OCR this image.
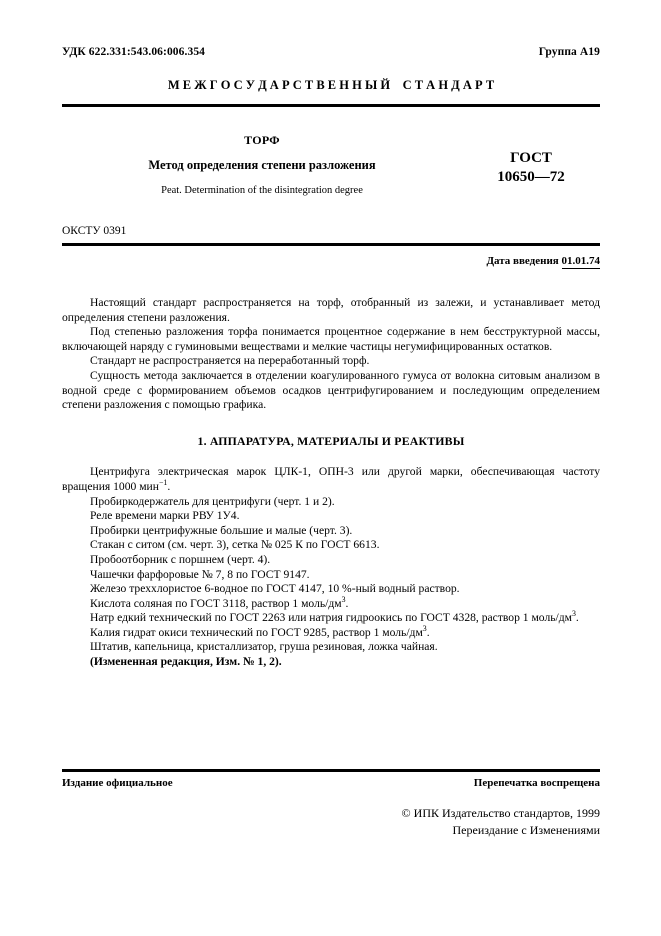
УДК 622.331:543.06:006.354	Группа А19
М Е Ж Г О С У Д А Р С Т В Е Н Н Ы Й    С Т А Н Д А Р Т
ТОРФ
Метод определения степени разложения
Peat. Determination of the disintegration degree
ГОСТ
10650—72
ОКСТУ 0391
Дата введения 01.01.74

Настоящий стандарт распространяется на торф, отобранный из залежи, и устанавливает метод определения степени разложения.

Под степенью разложения торфа понимается процентное содержание в нем бесструктурной массы, включающей наряду с гуминовыми веществами и мелкие частицы негумифицированных остатков.

Стандарт не распространяется на переработанный торф.

Сущность метода заключается в отделении коагулированного гумуса от волокна ситовым анализом в водной среде с формированием объемов осадков центрифугированием и последующим определением степени разложения с помощью графика.

1. АППАРАТУРА, МАТЕРИАЛЫ И РЕАКТИВЫ

Центрифуга электрическая марок ЦЛК-1, ОПН-3 или другой марки, обеспечивающая частоту вращения 1000 мин$^{-1}$.

Пробиркодержатель для центрифуги (черт. 1 и 2).

Реле времени марки РВУ 1У4.

Пробирки центрифужные большие и малые (черт. 3).

Стакан с ситом (см. черт. 3), сетка № 025 К по ГОСТ 6613.

Пробоотборник с поршнем (черт. 4).

Чашечки фарфоровые № 7, 8 по ГОСТ 9147.

Железо треххлористое 6-водное по ГОСТ 4147, 10 %-ный водный раствор.

Кислота соляная по ГОСТ 3118, раствор 1 моль/$дм^3$.

Натр едкий технический по ГОСТ 2263 или натрия гидроокись по ГОСТ 4328, раствор 1 моль/$дм^3$.

Калия гидрат окиси технический по ГОСТ 9285, раствор 1 моль/$дм^3$.

Штатив, капельница, кристаллизатор, груша резиновая, ложка чайная.

(Измененная редакция, Изм. № 1, 2).

Издание официальное	Перепечатка воспрещена
© ИПК Издательство стандартов, 1999
Переиздание с Изменениями
